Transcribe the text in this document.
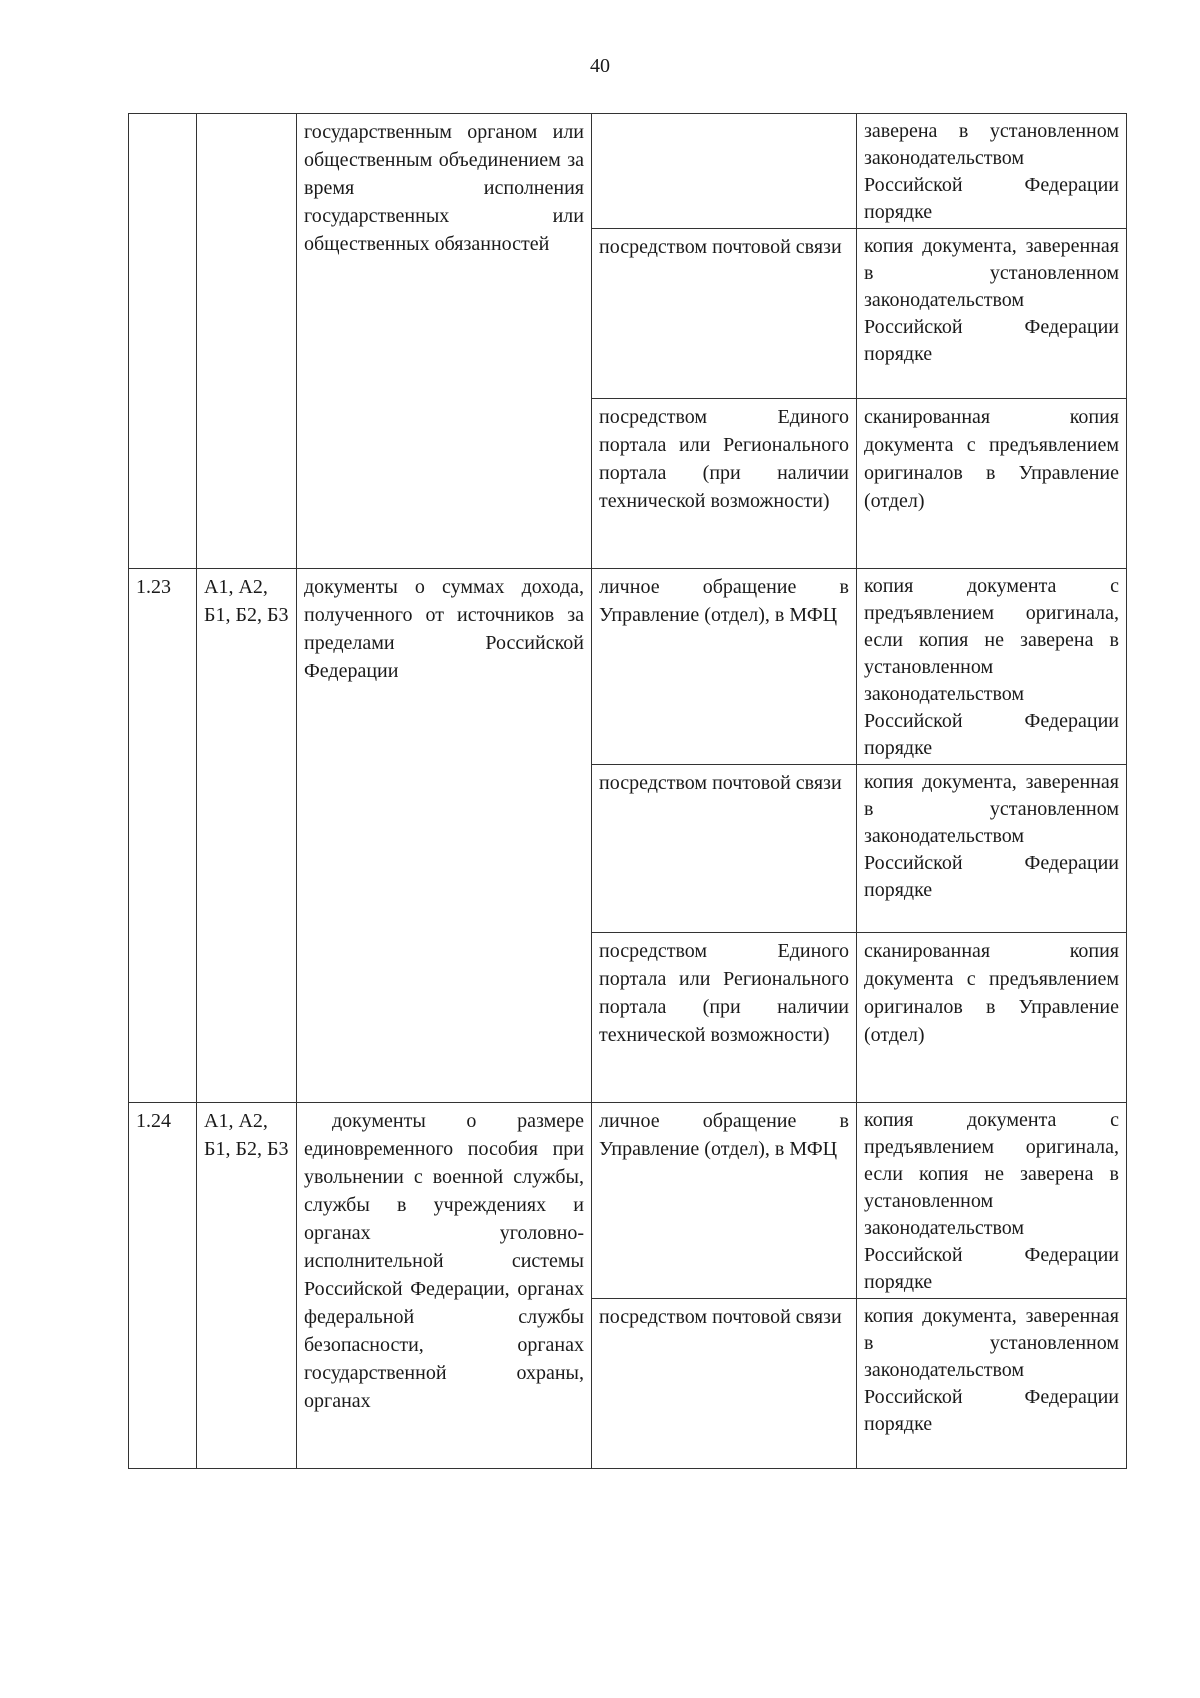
40
		государственным органом или общественным объединением за время исполнения государственных или общественных обязанностей		заверена в установленном законодательством Российской Федерации порядке
			посредством почтовой связи	копия документа, заверенная в установленном законодательством Российской Федерации порядке
			посредством Единого портала или Регионального портала (при наличии технической возможности)	сканированная копия документа с предъявлением оригиналов в Управление (отдел)
1.23	А1, А2, Б1, Б2, Б3	документы о суммах дохода, полученного от источников за пределами Российской Федерации	личное обращение в Управление (отдел), в МФЦ	копия документа с предъявлением оригинала, если копия не заверена в установленном законодательством Российской Федерации порядке
			посредством почтовой связи	копия документа, заверенная в установленном законодательством Российской Федерации порядке
			посредством Единого портала или Регионального портала (при наличии технической возможности)	сканированная копия документа с предъявлением оригиналов в Управление (отдел)
1.24	А1, А2, Б1, Б2, Б3	документы о размере единовременного пособия при увольнении с военной службы, службы в учреждениях и органах уголовно-исполнительной системы Российской Федерации, органах федеральной службы безопасности, органах государственной охраны, органах	личное обращение в Управление (отдел), в МФЦ	копия документа с предъявлением оригинала, если копия не заверена в установленном законодательством Российской Федерации порядке
			посредством почтовой связи	копия документа, заверенная в установленном законодательством Российской Федерации порядке
